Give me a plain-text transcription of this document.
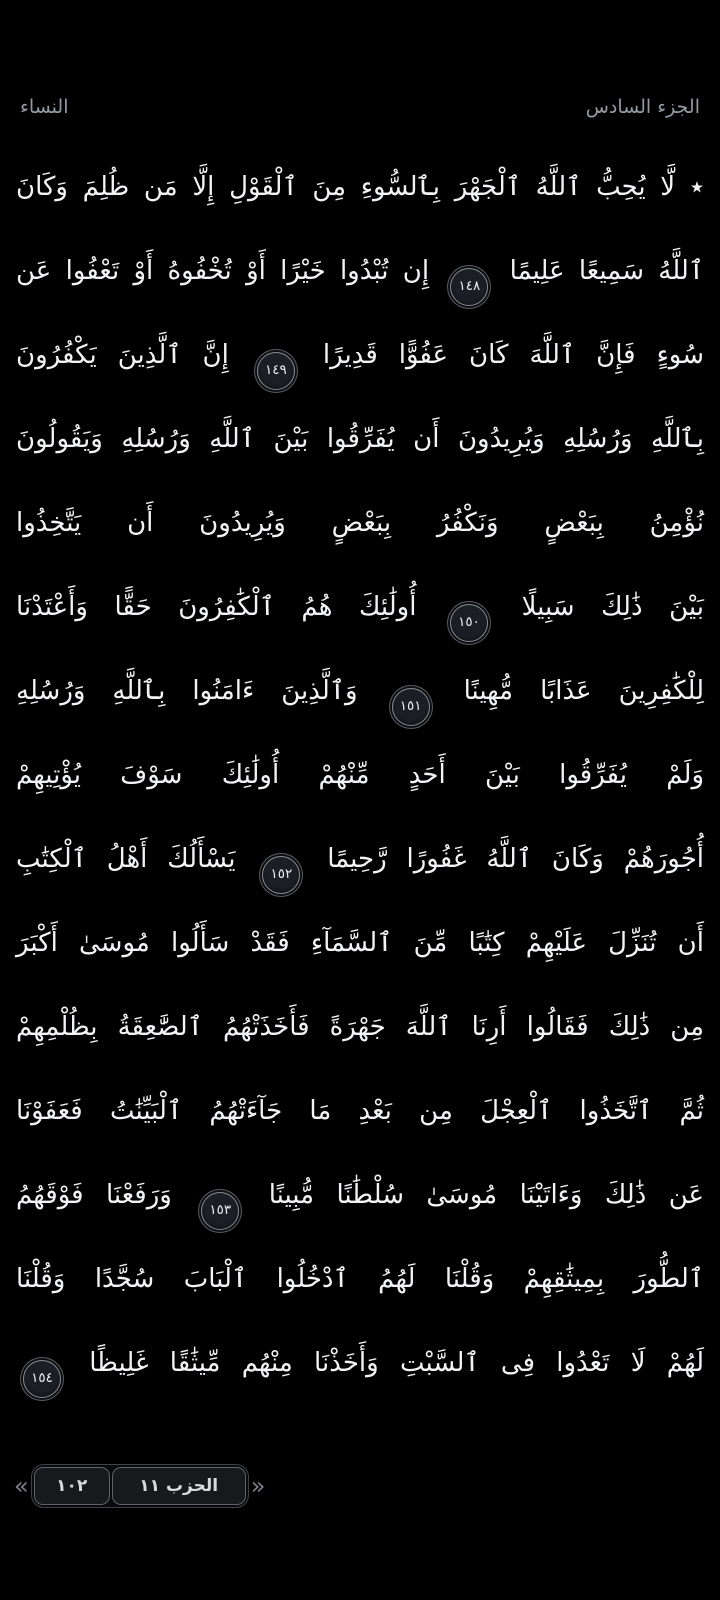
الجزء السادس
النساء
٭ لَّا يُحِبُّ ٱللَّهُ ٱلْجَهْرَ بِٱلسُّوءِ مِنَ ٱلْقَوْلِ إِلَّا مَن ظُلِمَ وَكَانَ
ٱللَّهُ سَمِيعًا عَلِيمًا ١٤٨ إِن تُبْدُوا خَيْرًا أَوْ تُخْفُوهُ أَوْ تَعْفُوا عَن
سُوءٍ فَإِنَّ ٱللَّهَ كَانَ عَفُوًّا قَدِيرًا ١٤٩ إِنَّ ٱلَّذِينَ يَكْفُرُونَ
بِٱللَّهِ وَرُسُلِهِ وَيُرِيدُونَ أَن يُفَرِّقُوا بَيْنَ ٱللَّهِ وَرُسُلِهِ وَيَقُولُونَ
نُؤْمِنُ بِبَعْضٍ وَنَكْفُرُ بِبَعْضٍ وَيُرِيدُونَ أَن يَتَّخِذُوا
بَيْنَ ذَٰلِكَ سَبِيلًا ١٥٠ أُولَٰئِكَ هُمُ ٱلْكَٰفِرُونَ حَقًّا وَأَعْتَدْنَا
لِلْكَٰفِرِينَ عَذَابًا مُّهِينًا ١٥١ وَٱلَّذِينَ ءَامَنُوا بِٱللَّهِ وَرُسُلِهِ
وَلَمْ يُفَرِّقُوا بَيْنَ أَحَدٍ مِّنْهُمْ أُولَٰئِكَ سَوْفَ يُؤْتِيهِمْ
أُجُورَهُمْ وَكَانَ ٱللَّهُ غَفُورًا رَّحِيمًا ١٥٢ يَسْأَلُكَ أَهْلُ ٱلْكِتَٰبِ
أَن تُنَزِّلَ عَلَيْهِمْ كِتَٰبًا مِّنَ ٱلسَّمَآءِ فَقَدْ سَأَلُوا مُوسَىٰ أَكْبَرَ
مِن ذَٰلِكَ فَقَالُوا أَرِنَا ٱللَّهَ جَهْرَةً فَأَخَذَتْهُمُ ٱلصَّٰعِقَةُ بِظُلْمِهِمْ
ثُمَّ ٱتَّخَذُوا ٱلْعِجْلَ مِن بَعْدِ مَا جَآءَتْهُمُ ٱلْبَيِّنَٰتُ فَعَفَوْنَا
عَن ذَٰلِكَ وَءَاتَيْنَا مُوسَىٰ سُلْطَٰنًا مُّبِينًا ١٥٣ وَرَفَعْنَا فَوْقَهُمُ
ٱلطُّورَ بِمِيثَٰقِهِمْ وَقُلْنَا لَهُمُ ٱدْخُلُوا ٱلْبَابَ سُجَّدًا وَقُلْنَا
لَهُمْ لَا تَعْدُوا فِى ٱلسَّبْتِ وَأَخَذْنَا مِنْهُم مِّيثَٰقًا غَلِيظًا ١٥٤
« ١٠٢	الحزب ١١ »
